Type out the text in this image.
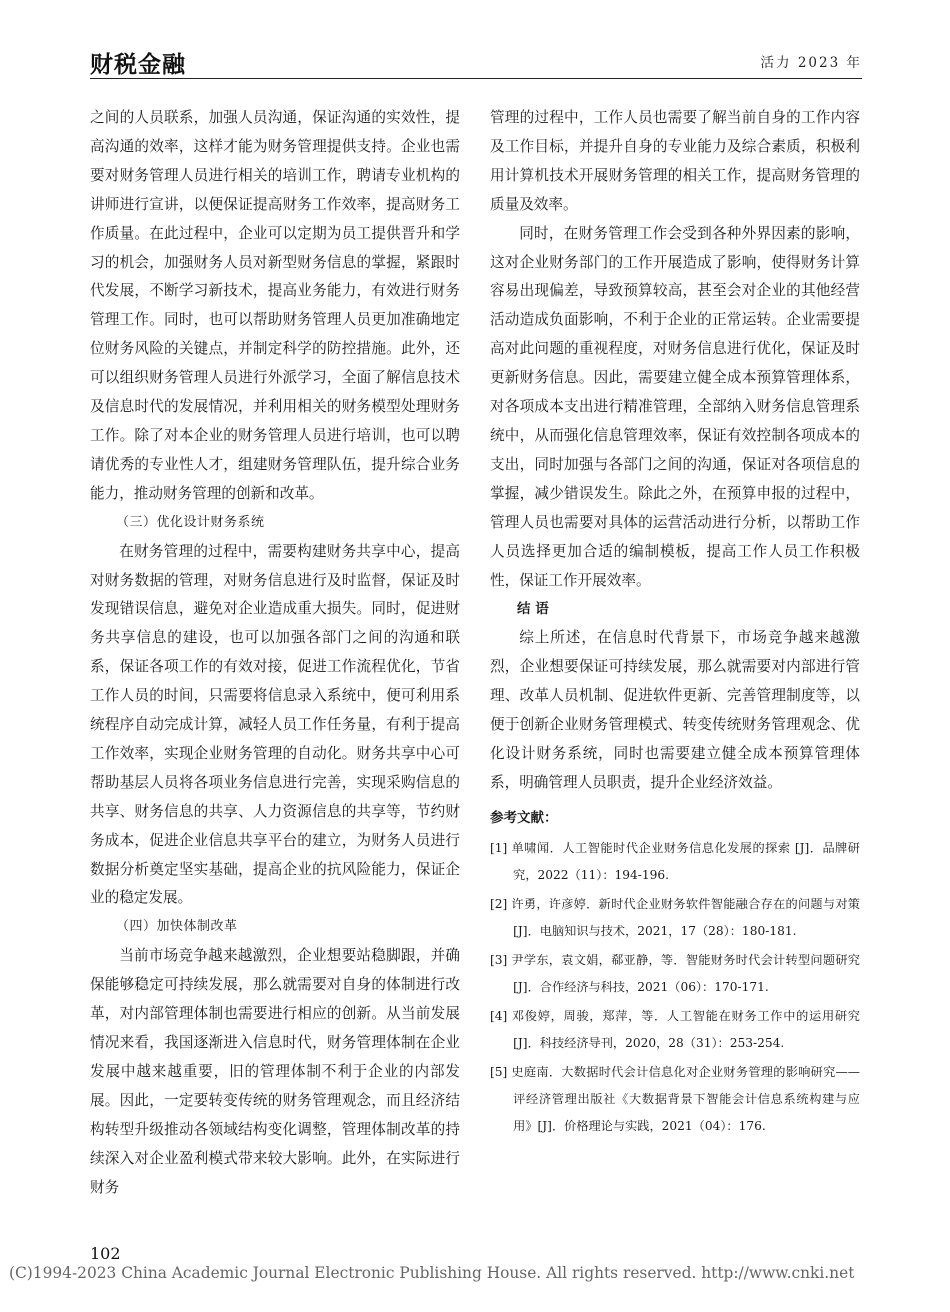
财税金融	活力 2023 年

之间的人员联系，加强人员沟通，保证沟通的实效性，提高沟通的效率，这样才能为财务管理提供支持。企业也需要对财务管理人员进行相关的培训工作，聘请专业机构的讲师进行宣讲，以便保证提高财务工作效率，提高财务工作质量。在此过程中，企业可以定期为员工提供晋升和学习的机会，加强财务人员对新型财务信息的掌握，紧跟时代发展，不断学习新技术，提高业务能力，有效进行财务管理工作。同时，也可以帮助财务管理人员更加准确地定位财务风险的关键点，并制定科学的防控措施。此外，还可以组织财务管理人员进行外派学习，全面了解信息技术及信息时代的发展情况，并利用相关的财务模型处理财务工作。除了对本企业的财务管理人员进行培训，也可以聘请优秀的专业性人才，组建财务管理队伍，提升综合业务能力，推动财务管理的创新和改革。

（三）优化设计财务系统

在财务管理的过程中，需要构建财务共享中心，提高对财务数据的管理，对财务信息进行及时监督，保证及时发现错误信息，避免对企业造成重大损失。同时，促进财务共享信息的建设，也可以加强各部门之间的沟通和联系，保证各项工作的有效对接，促进工作流程优化，节省工作人员的时间，只需要将信息录入系统中，便可利用系统程序自动完成计算，减轻人员工作任务量，有利于提高工作效率，实现企业财务管理的自动化。财务共享中心可帮助基层人员将各项业务信息进行完善，实现采购信息的共享、财务信息的共享、人力资源信息的共享等，节约财务成本，促进企业信息共享平台的建立，为财务人员进行数据分析奠定坚实基础，提高企业的抗风险能力，保证企业的稳定发展。

（四）加快体制改革

当前市场竞争越来越激烈，企业想要站稳脚跟，并确保能够稳定可持续发展，那么就需要对自身的体制进行改革，对内部管理体制也需要进行相应的创新。从当前发展情况来看，我国逐渐进入信息时代，财务管理体制在企业发展中越来越重要，旧的管理体制不利于企业的内部发展。因此，一定要转变传统的财务管理观念，而且经济结构转型升级推动各领域结构变化调整，管理体制改革的持续深入对企业盈利模式带来较大影响。此外，在实际进行财务

管理的过程中，工作人员也需要了解当前自身的工作内容及工作目标，并提升自身的专业能力及综合素质，积极利用计算机技术开展财务管理的相关工作，提高财务管理的质量及效率。

同时，在财务管理工作会受到各种外界因素的影响，这对企业财务部门的工作开展造成了影响，使得财务计算容易出现偏差，导致预算较高，甚至会对企业的其他经营活动造成负面影响，不利于企业的正常运转。企业需要提高对此问题的重视程度，对财务信息进行优化，保证及时更新财务信息。因此，需要建立健全成本预算管理体系，对各项成本支出进行精准管理，全部纳入财务信息管理系统中，从而强化信息管理效率，保证有效控制各项成本的支出，同时加强与各部门之间的沟通，保证对各项信息的掌握，减少错误发生。除此之外，在预算申报的过程中，管理人员也需要对具体的运营活动进行分析，以帮助工作人员选择更加合适的编制模板，提高工作人员工作积极性，保证工作开展效率。

结 语

综上所述，在信息时代背景下，市场竞争越来越激烈，企业想要保证可持续发展，那么就需要对内部进行管理、改革人员机制、促进软件更新、完善管理制度等，以便于创新企业财务管理模式、转变传统财务管理观念、优化设计财务系统，同时也需要建立健全成本预算管理体系，明确管理人员职责，提升企业经济效益。

参考文献：
[1] 单啸闻．人工智能时代企业财务信息化发展的探索 [J]．品牌研究，2022（11）：194-196.
[2] 许勇，许彦婷．新时代企业财务软件智能融合存在的问题与对策 [J]．电脑知识与技术，2021，17（28）：180-181.
[3] 尹学东，袁文娟，郗亚静，等．智能财务时代会计转型问题研究 [J]．合作经济与科技，2021（06）：170-171.
[4] 邓俊婷，周骏，郑萍，等．人工智能在财务工作中的运用研究 [J]．科技经济导刊，2020，28（31）：253-254.
[5] 史庭南．大数据时代会计信息化对企业财务管理的影响研究——评经济管理出版社《大数据背景下智能会计信息系统构建与应用》[J]．价格理论与实践，2021（04）：176.
102
(C)1994-2023 China Academic Journal Electronic Publishing House. All rights reserved. http://www.cnki.net
